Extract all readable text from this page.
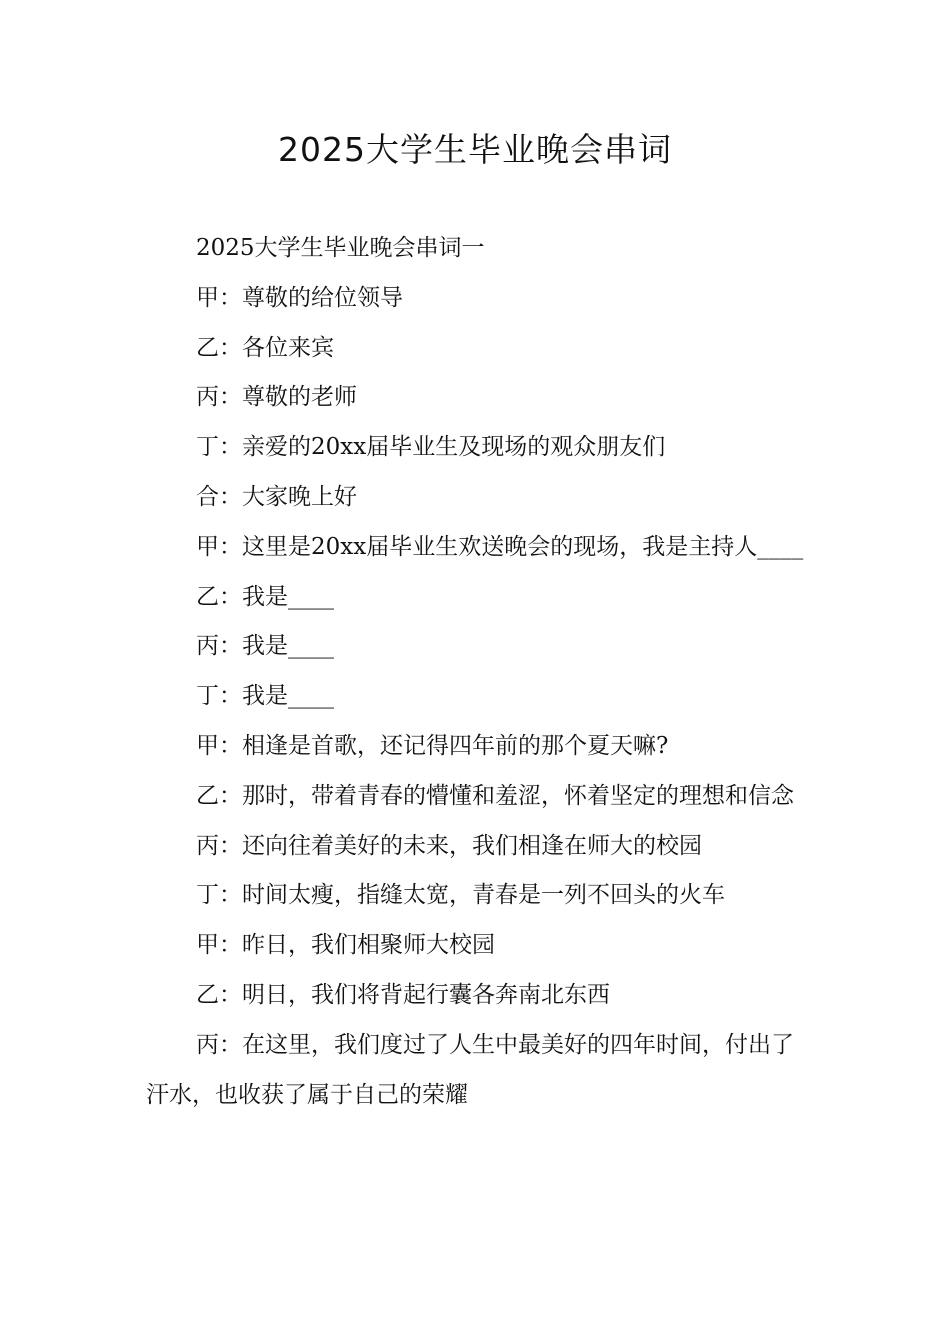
2025大学生毕业晚会串词

2025大学生毕业晚会串词一

甲：尊敬的给位领导

乙：各位来宾

丙：尊敬的老师

丁：亲爱的20xx届毕业生及现场的观众朋友们

合：大家晚上好

甲：这里是20xx届毕业生欢送晚会的现场，我是主持人____

乙：我是____

丙：我是____

丁：我是____

甲：相逢是首歌，还记得四年前的那个夏天嘛?

乙：那时，带着青春的懵懂和羞涩，怀着坚定的理想和信念

丙：还向往着美好的未来，我们相逢在师大的校园

丁：时间太瘦，指缝太宽，青春是一列不回头的火车

甲：昨日，我们相聚师大校园

乙：明日，我们将背起行囊各奔南北东西

丙：在这里，我们度过了人生中最美好的四年时间，付出了汗水，也收获了属于自己的荣耀
